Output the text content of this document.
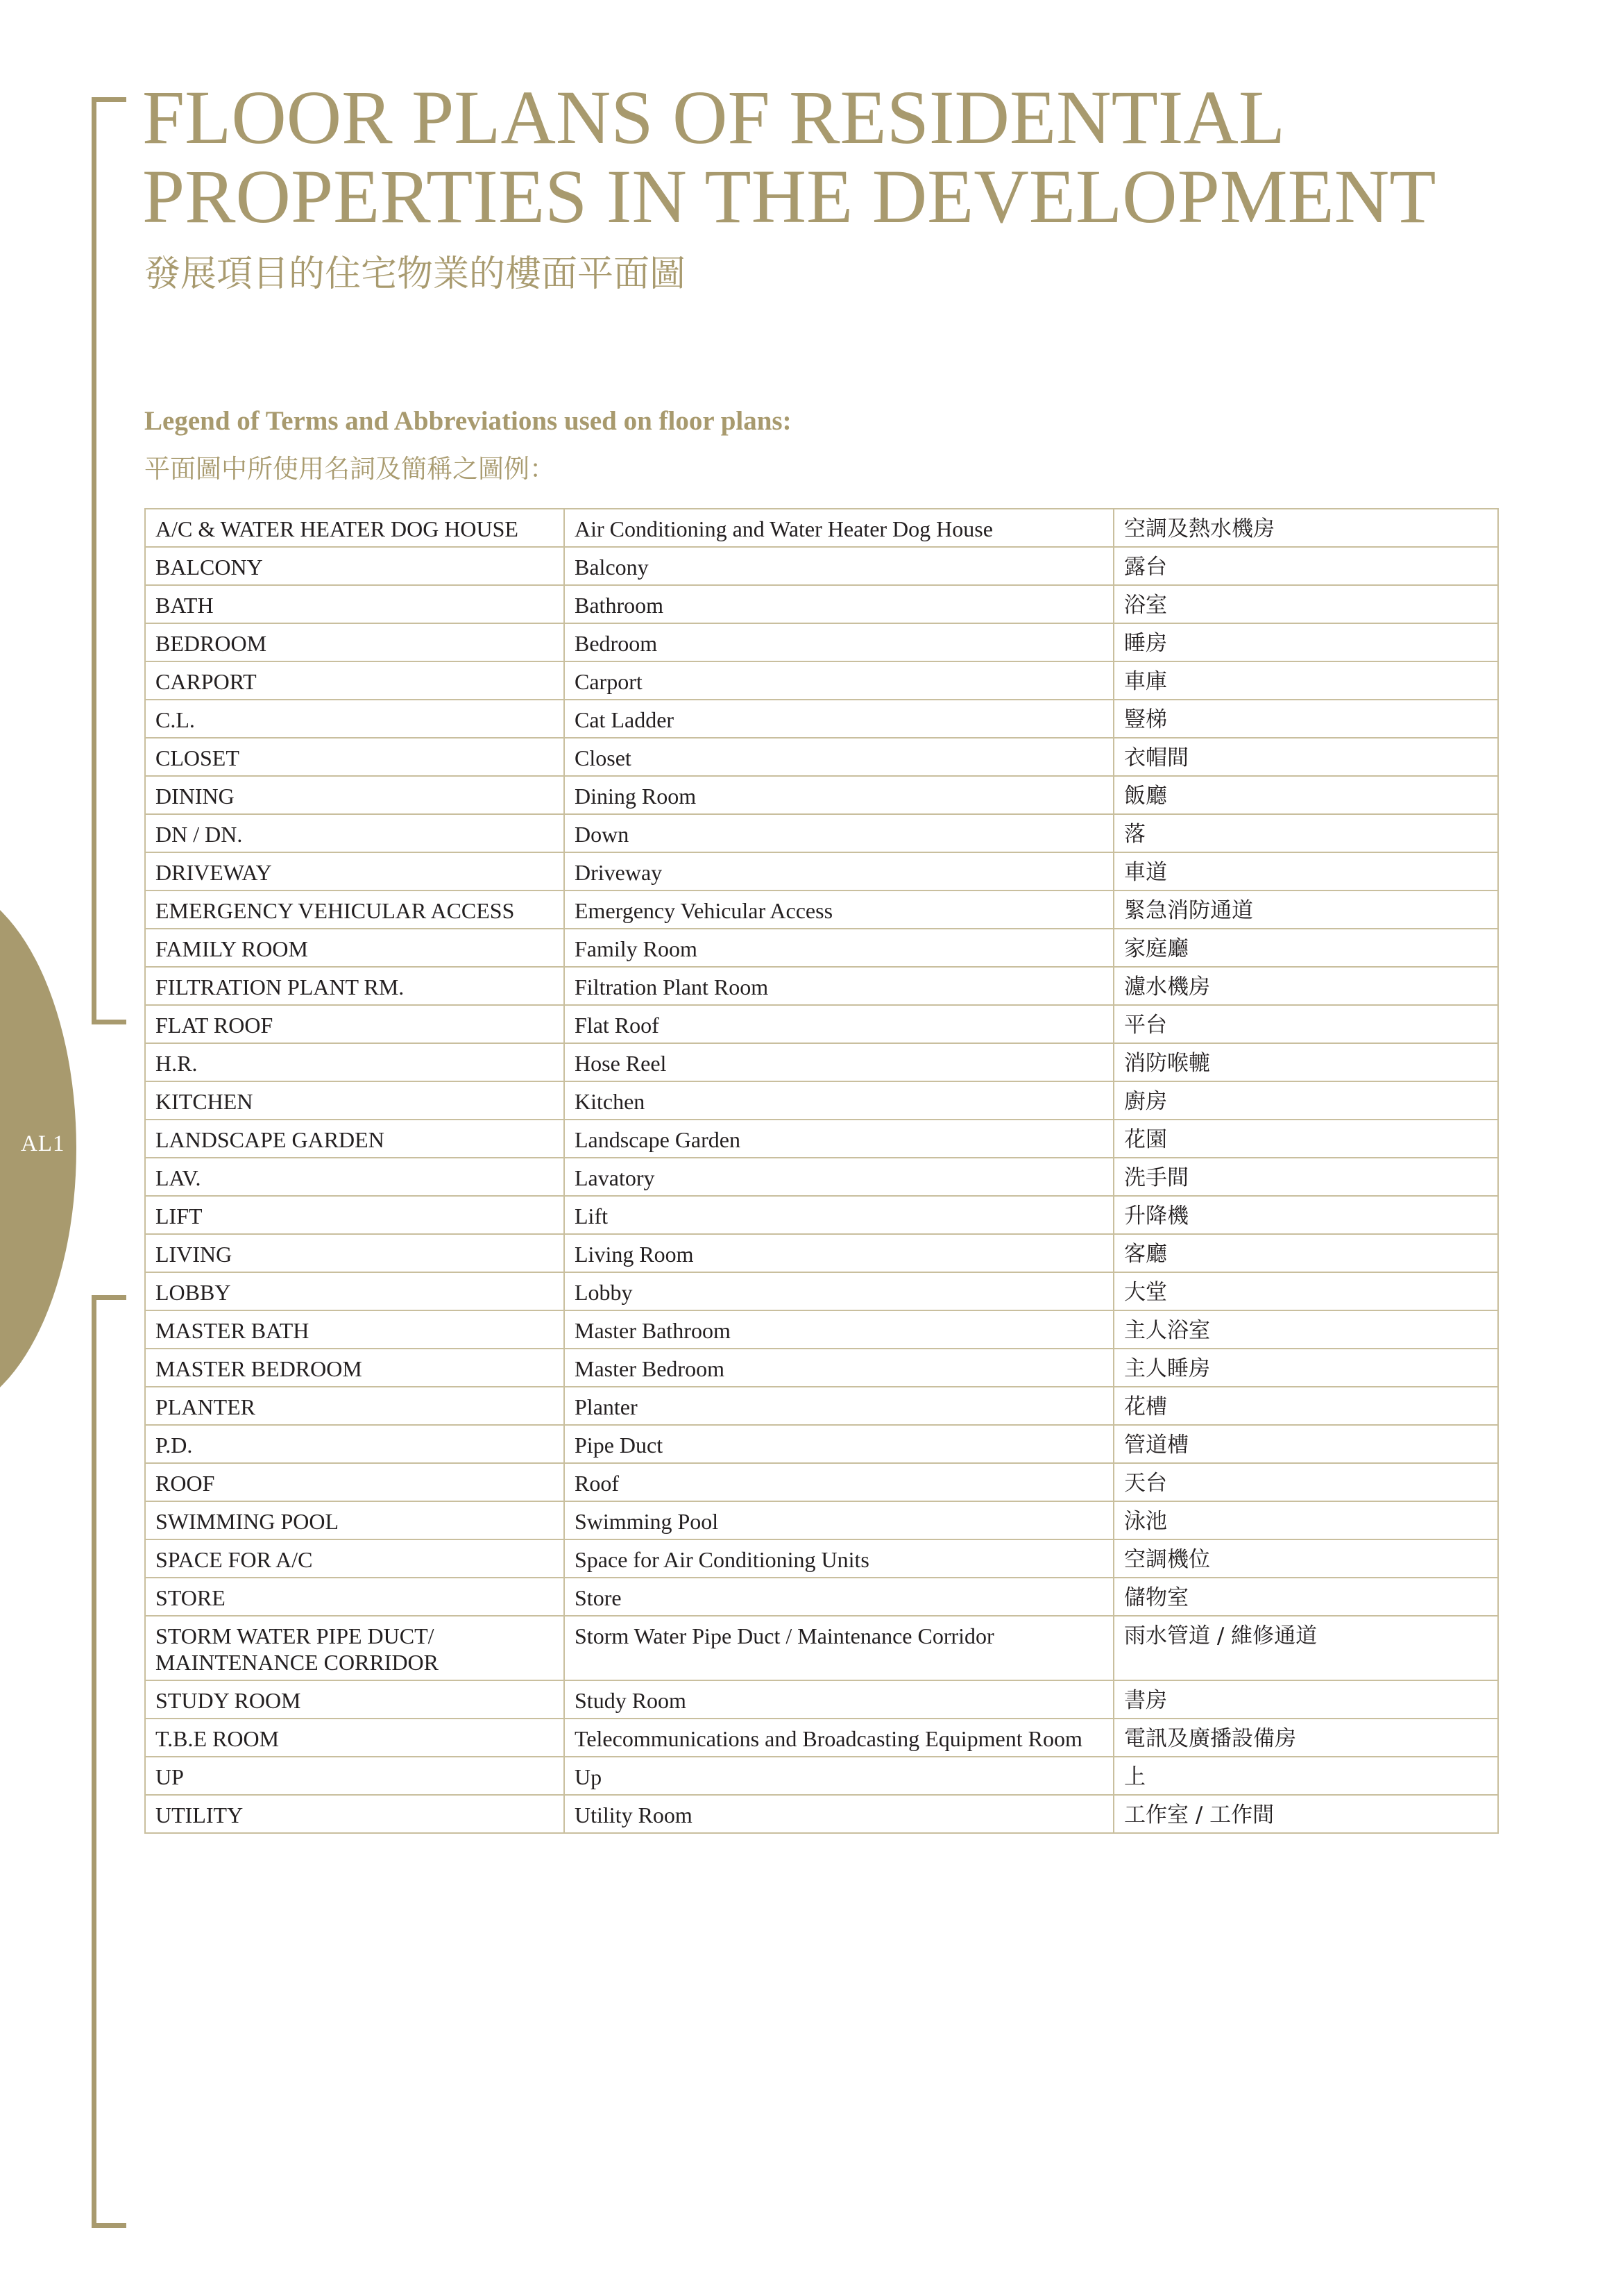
AL1
FLOOR PLANS OF RESIDENTIAL
PROPERTIES IN THE DEVELOPMENT
發展項目的住宅物業的樓面平面圖
Legend of Terms and Abbreviations used on floor plans:
平面圖中所使用名詞及簡稱之圖例：
A/C & WATER HEATER DOG HOUSE	Air Conditioning and Water Heater Dog House	空調及熱水機房
BALCONY	Balcony	露台
BATH	Bathroom	浴室
BEDROOM	Bedroom	睡房
CARPORT	Carport	車庫
C.L.	Cat Ladder	豎梯
CLOSET	Closet	衣帽間
DINING	Dining Room	飯廳
DN / DN.	Down	落
DRIVEWAY	Driveway	車道
EMERGENCY VEHICULAR ACCESS	Emergency Vehicular Access	緊急消防通道
FAMILY ROOM	Family Room	家庭廳
FILTRATION PLANT RM.	Filtration Plant Room	濾水機房
FLAT ROOF	Flat Roof	平台
H.R.	Hose Reel	消防喉轆
KITCHEN	Kitchen	廚房
LANDSCAPE GARDEN	Landscape Garden	花園
LAV.	Lavatory	洗手間
LIFT	Lift	升降機
LIVING	Living Room	客廳
LOBBY	Lobby	大堂
MASTER BATH	Master Bathroom	主人浴室
MASTER BEDROOM	Master Bedroom	主人睡房
PLANTER	Planter	花槽
P.D.	Pipe Duct	管道槽
ROOF	Roof	天台
SWIMMING POOL	Swimming Pool	泳池
SPACE FOR A/C	Space for Air Conditioning Units	空調機位
STORE	Store	儲物室
STORM WATER PIPE DUCT/ MAINTENANCE CORRIDOR	Storm Water Pipe Duct / Maintenance Corridor	雨水管道 / 維修通道
STUDY ROOM	Study Room	書房
T.B.E ROOM	Telecommunications and Broadcasting Equipment Room	電訊及廣播設備房
UP	Up	上
UTILITY	Utility Room	工作室 / 工作間
